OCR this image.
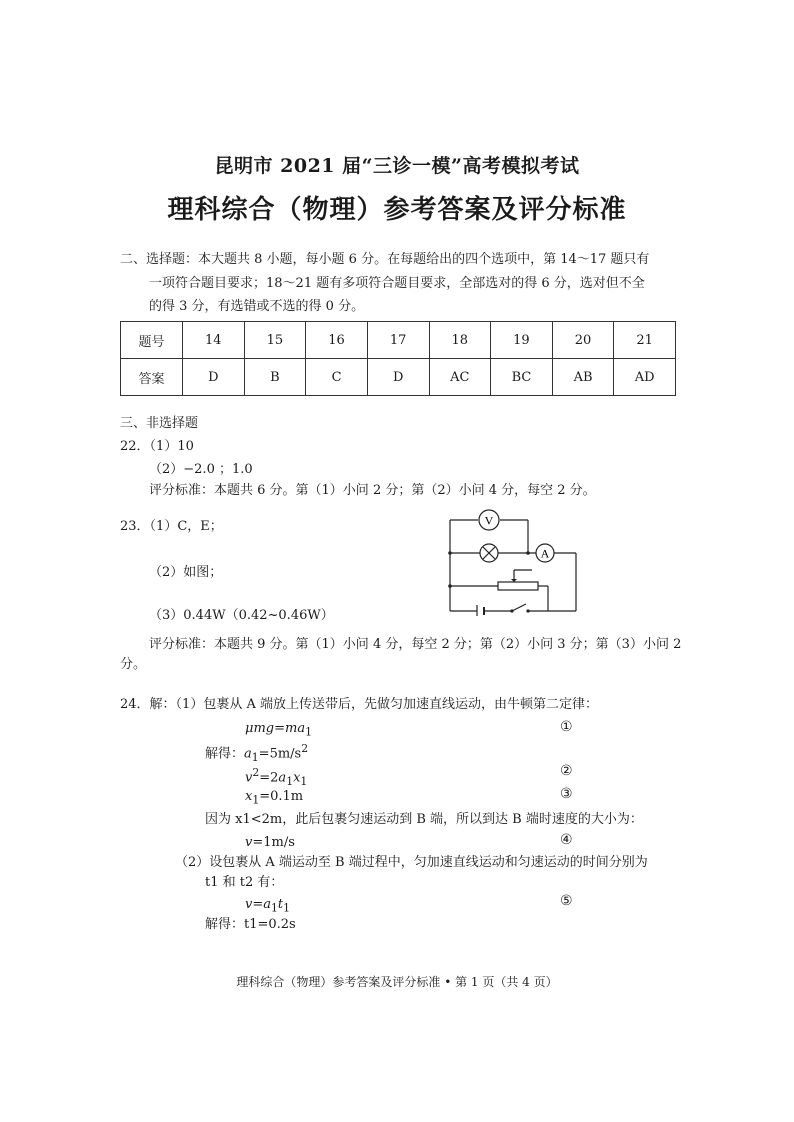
昆明市 2021 届“三诊一模”高考模拟考试
理科综合（物理）参考答案及评分标准
二、选择题：本大题共 8 小题，每小题 6 分。在每题给出的四个选项中，第 14～17 题只有
一项符合题目要求；18～21 题有多项符合题目要求，全部选对的得 6 分，选对但不全
的得 3 分，有选错或不选的得 0 分。
题号	14	15	16	17	18	19	20	21
答案	D	B	C	D	AC	BC	AB	AD
三、非选择题
22．（1）10
（2）−2.0 ；1.0
评分标准：本题共 6 分。第（1）小问 2 分；第（2）小问 4 分，每空 2 分。
23．（1）C，E；
（2）如图；
（3）0.44W（0.42~0.46W）
V
A
评分标准：本题共 9 分。第（1）小问 4 分，每空 2 分；第（2）小问 3 分；第（3）小问 2
分。
24．解：（1）包裹从 A 端放上传送带后，先做匀加速直线运动，由牛顿第二定律：
$\mu mg=ma_1$	①
解得：$a_1=5m/s^2$
$v^2=2a_1x_1$
②
$x_1=0.1m$	③
因为 x1<2m，此后包裹匀速运动到 B 端，所以到达 B 端时速度的大小为：
v=1m/s	④
（2）设包裹从 A 端运动至 B 端过程中，匀加速直线运动和匀速运动的时间分别为
t1 和 t2 有：
$v=a_1t_1$	⑤
解得：t1=0.2s
理科综合（物理）参考答案及评分标准 • 第 1 页（共 4 页）
